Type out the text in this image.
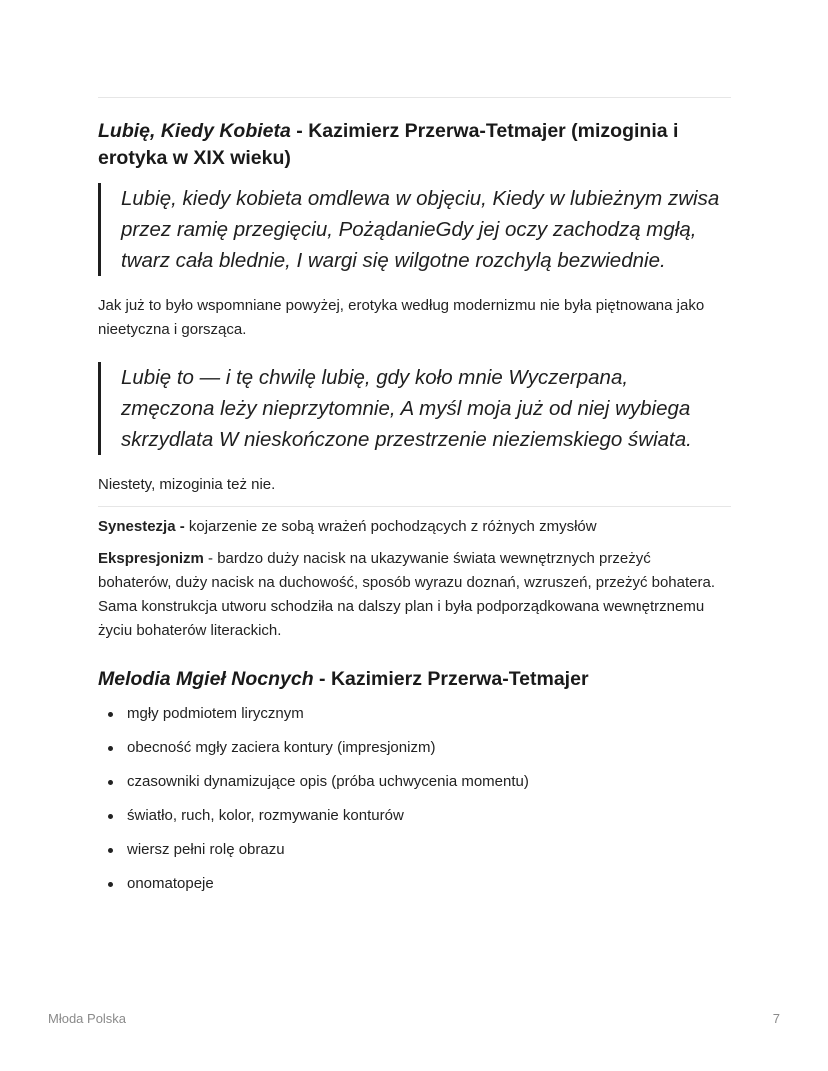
Lubię, Kiedy Kobieta - Kazimierz Przerwa-Tetmajer (mizoginia i erotyka w XIX wieku)
Lubię, kiedy kobieta omdlewa w objęciu, Kiedy w lubieżnym zwisa przez ramię przegięciu, PożądanieGdy jej oczy zachodzą mgłą, twarz cała blednie, I wargi się wilgotne rozchylą bezwiednie.

Jak już to było wspomniane powyżej, erotyka według modernizmu nie była piętnowana jako nieetyczna i gorsząca.

Lubię to — i tę chwilę lubię, gdy koło mnie Wyczerpana, zmęczona leży nieprzytomnie, A myśl moja już od niej wybiega skrzydlata W nieskończone przestrzenie nieziemskiego świata.

Niestety, mizoginia też nie.

Synestezja - kojarzenie ze sobą wrażeń pochodzących z różnych zmysłów

Ekspresjonizm - bardzo duży nacisk na ukazywanie świata wewnętrznych przeżyć bohaterów, duży nacisk na duchowość, sposób wyrazu doznań, wzruszeń, przeżyć bohatera. Sama konstrukcja utworu schodziła na dalszy plan i była podporządkowana wewnętrznemu życiu bohaterów literackich.

Melodia Mgieł Nocnych - Kazimierz Przerwa-Tetmajer
mgły podmiotem lirycznym
obecność mgły zaciera kontury (impresjonizm)
czasowniki dynamizujące opis (próba uchwycenia momentu)
światło, ruch, kolor, rozmywanie konturów
wiersz pełni rolę obrazu
onomatopeje
Młoda Polska	7
